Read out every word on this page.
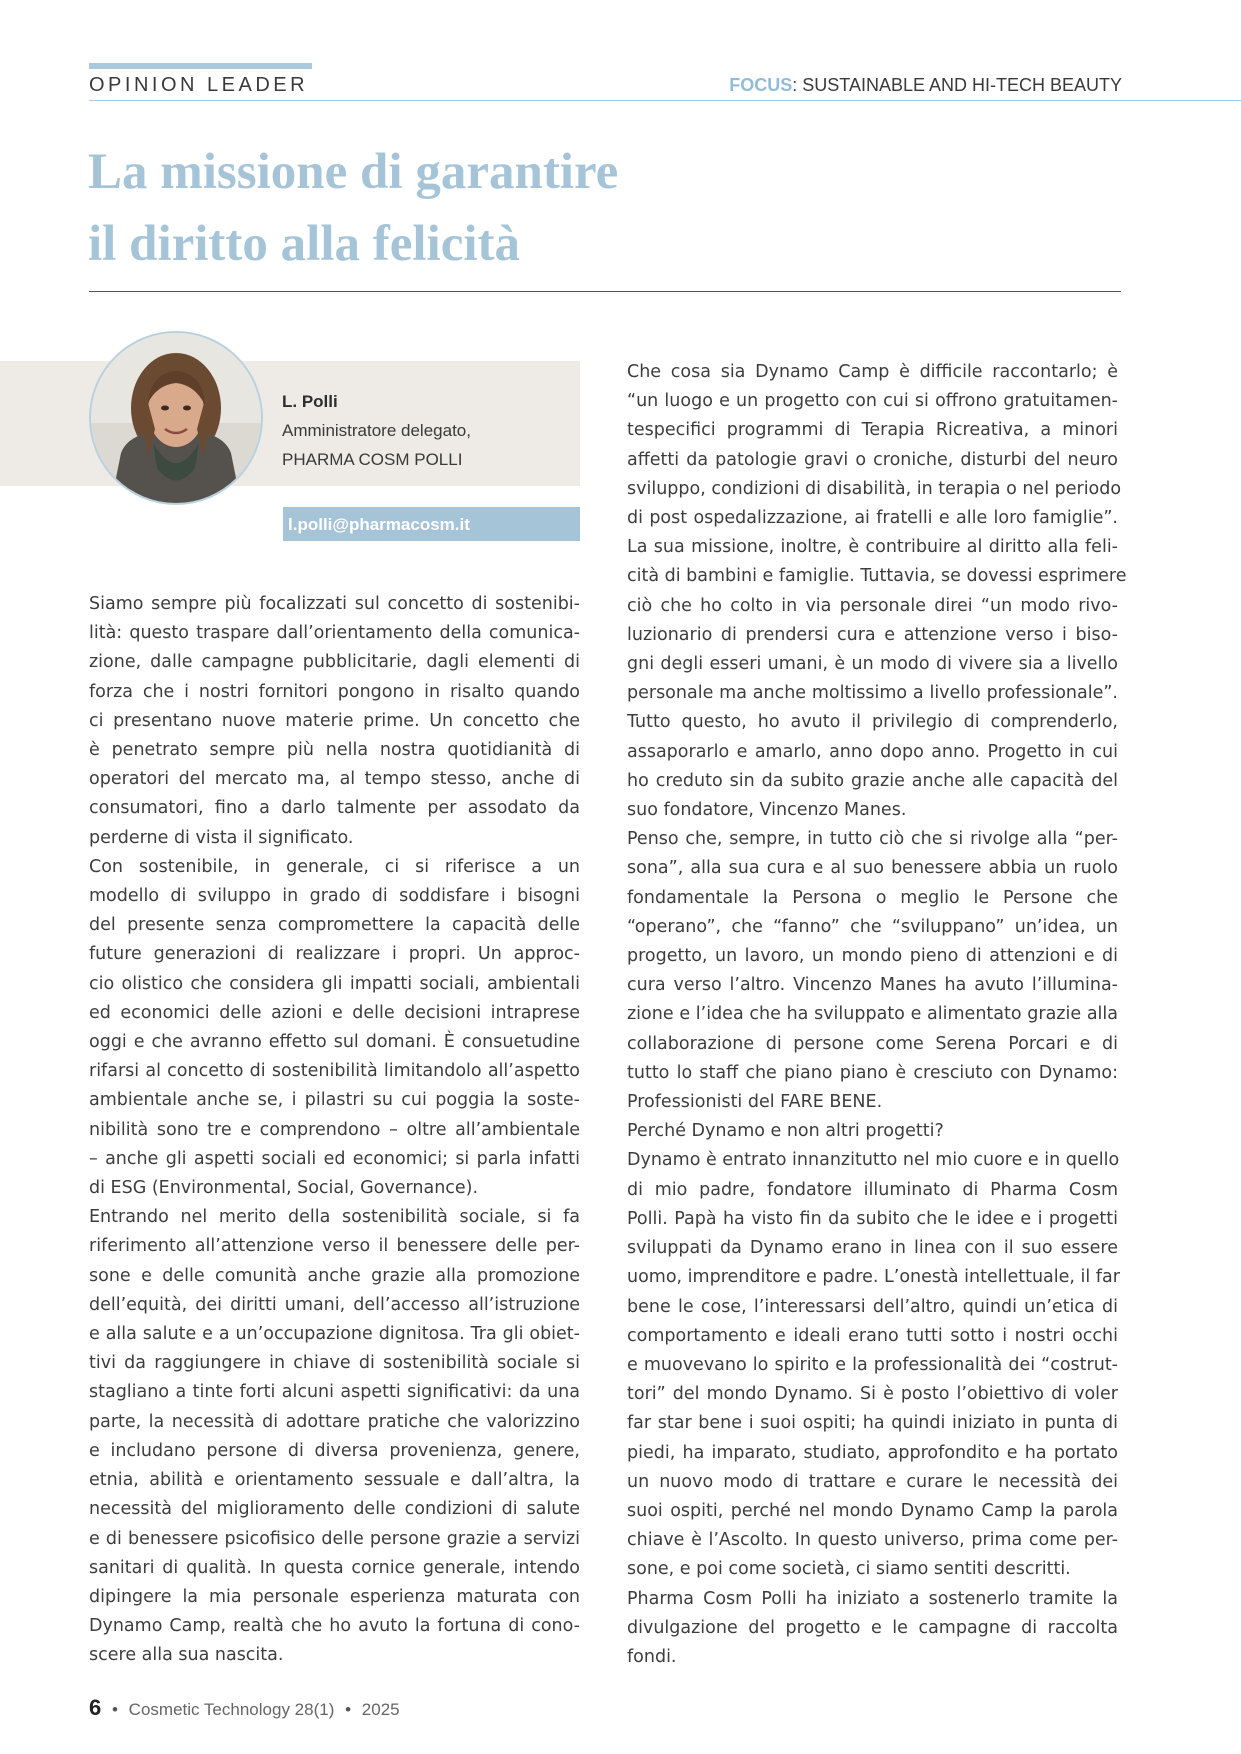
OPINION LEADER	FOCUS: SUSTAINABLE AND HI-TECH BEAUTY
La missione di garantire
il diritto alla felicità
L. Polli
Amministratore delegato,
PHARMA COSM POLLI
l.polli@pharmacosm.it
Siamo sempre più focalizzati sul concetto di sostenibi-
lità: questo traspare dall’orientamento della comunica-
zione, dalle campagne pubblicitarie, dagli elementi di
forza che i nostri fornitori pongono in risalto quando
ci presentano nuove materie prime. Un concetto che
è penetrato sempre più nella nostra quotidianità di
operatori del mercato ma, al tempo stesso, anche di
consumatori, fino a darlo talmente per assodato da
perderne di vista il significato.
Con sostenibile, in generale, ci si riferisce a un
modello di sviluppo in grado di soddisfare i bisogni
del presente senza compromettere la capacità delle
future generazioni di realizzare i propri. Un approc-
cio olistico che considera gli impatti sociali, ambientali
ed economici delle azioni e delle decisioni intraprese
oggi e che avranno effetto sul domani. È consuetudine
rifarsi al concetto di sostenibilità limitandolo all’aspetto
ambientale anche se, i pilastri su cui poggia la soste-
nibilità sono tre e comprendono – oltre all’ambientale
– anche gli aspetti sociali ed economici; si parla infatti
di ESG (Environmental, Social, Governance).
Entrando nel merito della sostenibilità sociale, si fa
riferimento all’attenzione verso il benessere delle per-
sone e delle comunità anche grazie alla promozione
dell’equità, dei diritti umani, dell’accesso all’istruzione
e alla salute e a un’occupazione dignitosa. Tra gli obiet-
tivi da raggiungere in chiave di sostenibilità sociale si
stagliano a tinte forti alcuni aspetti significativi: da una
parte, la necessità di adottare pratiche che valorizzino
e includano persone di diversa provenienza, genere,
etnia, abilità e orientamento sessuale e dall’altra, la
necessità del miglioramento delle condizioni di salute
e di benessere psicofisico delle persone grazie a servizi
sanitari di qualità. In questa cornice generale, intendo
dipingere la mia personale esperienza maturata con
Dynamo Camp, realtà che ho avuto la fortuna di cono-
scere alla sua nascita.
Che cosa sia Dynamo Camp è difficile raccontarlo; è
“un luogo e un progetto con cui si offrono gratuitamen-
tespecifici programmi di Terapia Ricreativa, a minori
affetti da patologie gravi o croniche, disturbi del neuro
sviluppo, condizioni di disabilità, in terapia o nel periodo
di post ospedalizzazione, ai fratelli e alle loro famiglie”.
La sua missione, inoltre, è contribuire al diritto alla feli-
cità di bambini e famiglie. Tuttavia, se dovessi esprimere
ciò che ho colto in via personale direi “un modo rivo-
luzionario di prendersi cura e attenzione verso i biso-
gni degli esseri umani, è un modo di vivere sia a livello
personale ma anche moltissimo a livello professionale”.
Tutto questo, ho avuto il privilegio di comprenderlo,
assaporarlo e amarlo, anno dopo anno. Progetto in cui
ho creduto sin da subito grazie anche alle capacità del
suo fondatore, Vincenzo Manes.
Penso che, sempre, in tutto ciò che si rivolge alla “per-
sona”, alla sua cura e al suo benessere abbia un ruolo
fondamentale la Persona o meglio le Persone che
“operano”, che “fanno” che “sviluppano” un’idea, un
progetto, un lavoro, un mondo pieno di attenzioni e di
cura verso l’altro. Vincenzo Manes ha avuto l’illumina-
zione e l’idea che ha sviluppato e alimentato grazie alla
collaborazione di persone come Serena Porcari e di
tutto lo staff che piano piano è cresciuto con Dynamo:
Professionisti del FARE BENE.
Perché Dynamo e non altri progetti?
Dynamo è entrato innanzitutto nel mio cuore e in quello
di mio padre, fondatore illuminato di Pharma Cosm
Polli. Papà ha visto fin da subito che le idee e i progetti
sviluppati da Dynamo erano in linea con il suo essere
uomo, imprenditore e padre. L’onestà intellettuale, il far
bene le cose, l’interessarsi dell’altro, quindi un’etica di
comportamento e ideali erano tutti sotto i nostri occhi
e muovevano lo spirito e la professionalità dei “costrut-
tori” del mondo Dynamo. Si è posto l’obiettivo di voler
far star bene i suoi ospiti; ha quindi iniziato in punta di
piedi, ha imparato, studiato, approfondito e ha portato
un nuovo modo di trattare e curare le necessità dei
suoi ospiti, perché nel mondo Dynamo Camp la parola
chiave è l’Ascolto. In questo universo, prima come per-
sone, e poi come società, ci siamo sentiti descritti.
Pharma Cosm Polli ha iniziato a sostenerlo tramite la
divulgazione del progetto e le campagne di raccolta
fondi.
6 • Cosmetic Technology 28(1) • 2025
